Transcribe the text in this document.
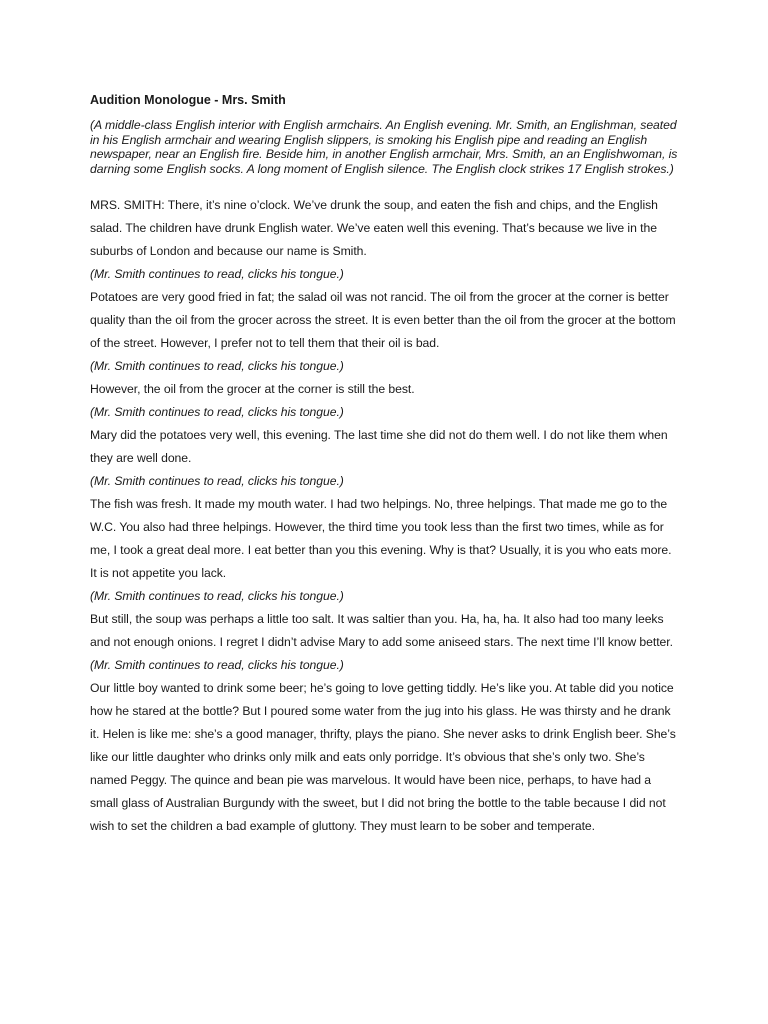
Audition Monologue - Mrs. Smith

(A middle-class English interior with English armchairs. An English evening. Mr. Smith, an Englishman, seated in his English armchair and wearing English slippers, is smoking his English pipe and reading an English newspaper, near an English fire. Beside him, in another English armchair, Mrs. Smith, an an Englishwoman, is darning some English socks. A long moment of English silence. The English clock strikes 17 English strokes.)

MRS. SMITH: There, it’s nine o’clock. We’ve drunk the soup, and eaten the fish and chips, and the English salad. The children have drunk English water. We’ve eaten well this evening. That’s because we live in the suburbs of London and because our name is Smith.

(Mr. Smith continues to read, clicks his tongue.)

Potatoes are very good fried in fat; the salad oil was not rancid. The oil from the grocer at the corner is better quality than the oil from the grocer across the street. It is even better than the oil from the grocer at the bottom of the street. However, I prefer not to tell them that their oil is bad.

(Mr. Smith continues to read, clicks his tongue.)

However, the oil from the grocer at the corner is still the best.

(Mr. Smith continues to read, clicks his tongue.)

Mary did the potatoes very well, this evening. The last time she did not do them well. I do not like them when they are well done.

(Mr. Smith continues to read, clicks his tongue.)

The fish was fresh. It made my mouth water. I had two helpings. No, three helpings. That made me go to the W.C. You also had three helpings. However, the third time you took less than the first two times, while as for me, I took a great deal more. I eat better than you this evening. Why is that? Usually, it is you who eats more. It is not appetite you lack.

(Mr. Smith continues to read, clicks his tongue.)

But still, the soup was perhaps a little too salt. It was saltier than you. Ha, ha, ha. It also had too many leeks and not enough onions. I regret I didn’t advise Mary to add some aniseed stars. The next time I’ll know better.

(Mr. Smith continues to read, clicks his tongue.)

Our little boy wanted to drink some beer; he’s going to love getting tiddly. He’s like you. At table did you notice how he stared at the bottle? But I poured some water from the jug into his glass. He was thirsty and he drank it. Helen is like me: she’s a good manager, thrifty, plays the piano. She never asks to drink English beer. She’s like our little daughter who drinks only milk and eats only porridge. It’s obvious that she’s only two. She’s named Peggy. The quince and bean pie was marvelous. It would have been nice, perhaps, to have had a small glass of Australian Burgundy with the sweet, but I did not bring the bottle to the table because I did not wish to set the children a bad example of gluttony. They must learn to be sober and temperate.
